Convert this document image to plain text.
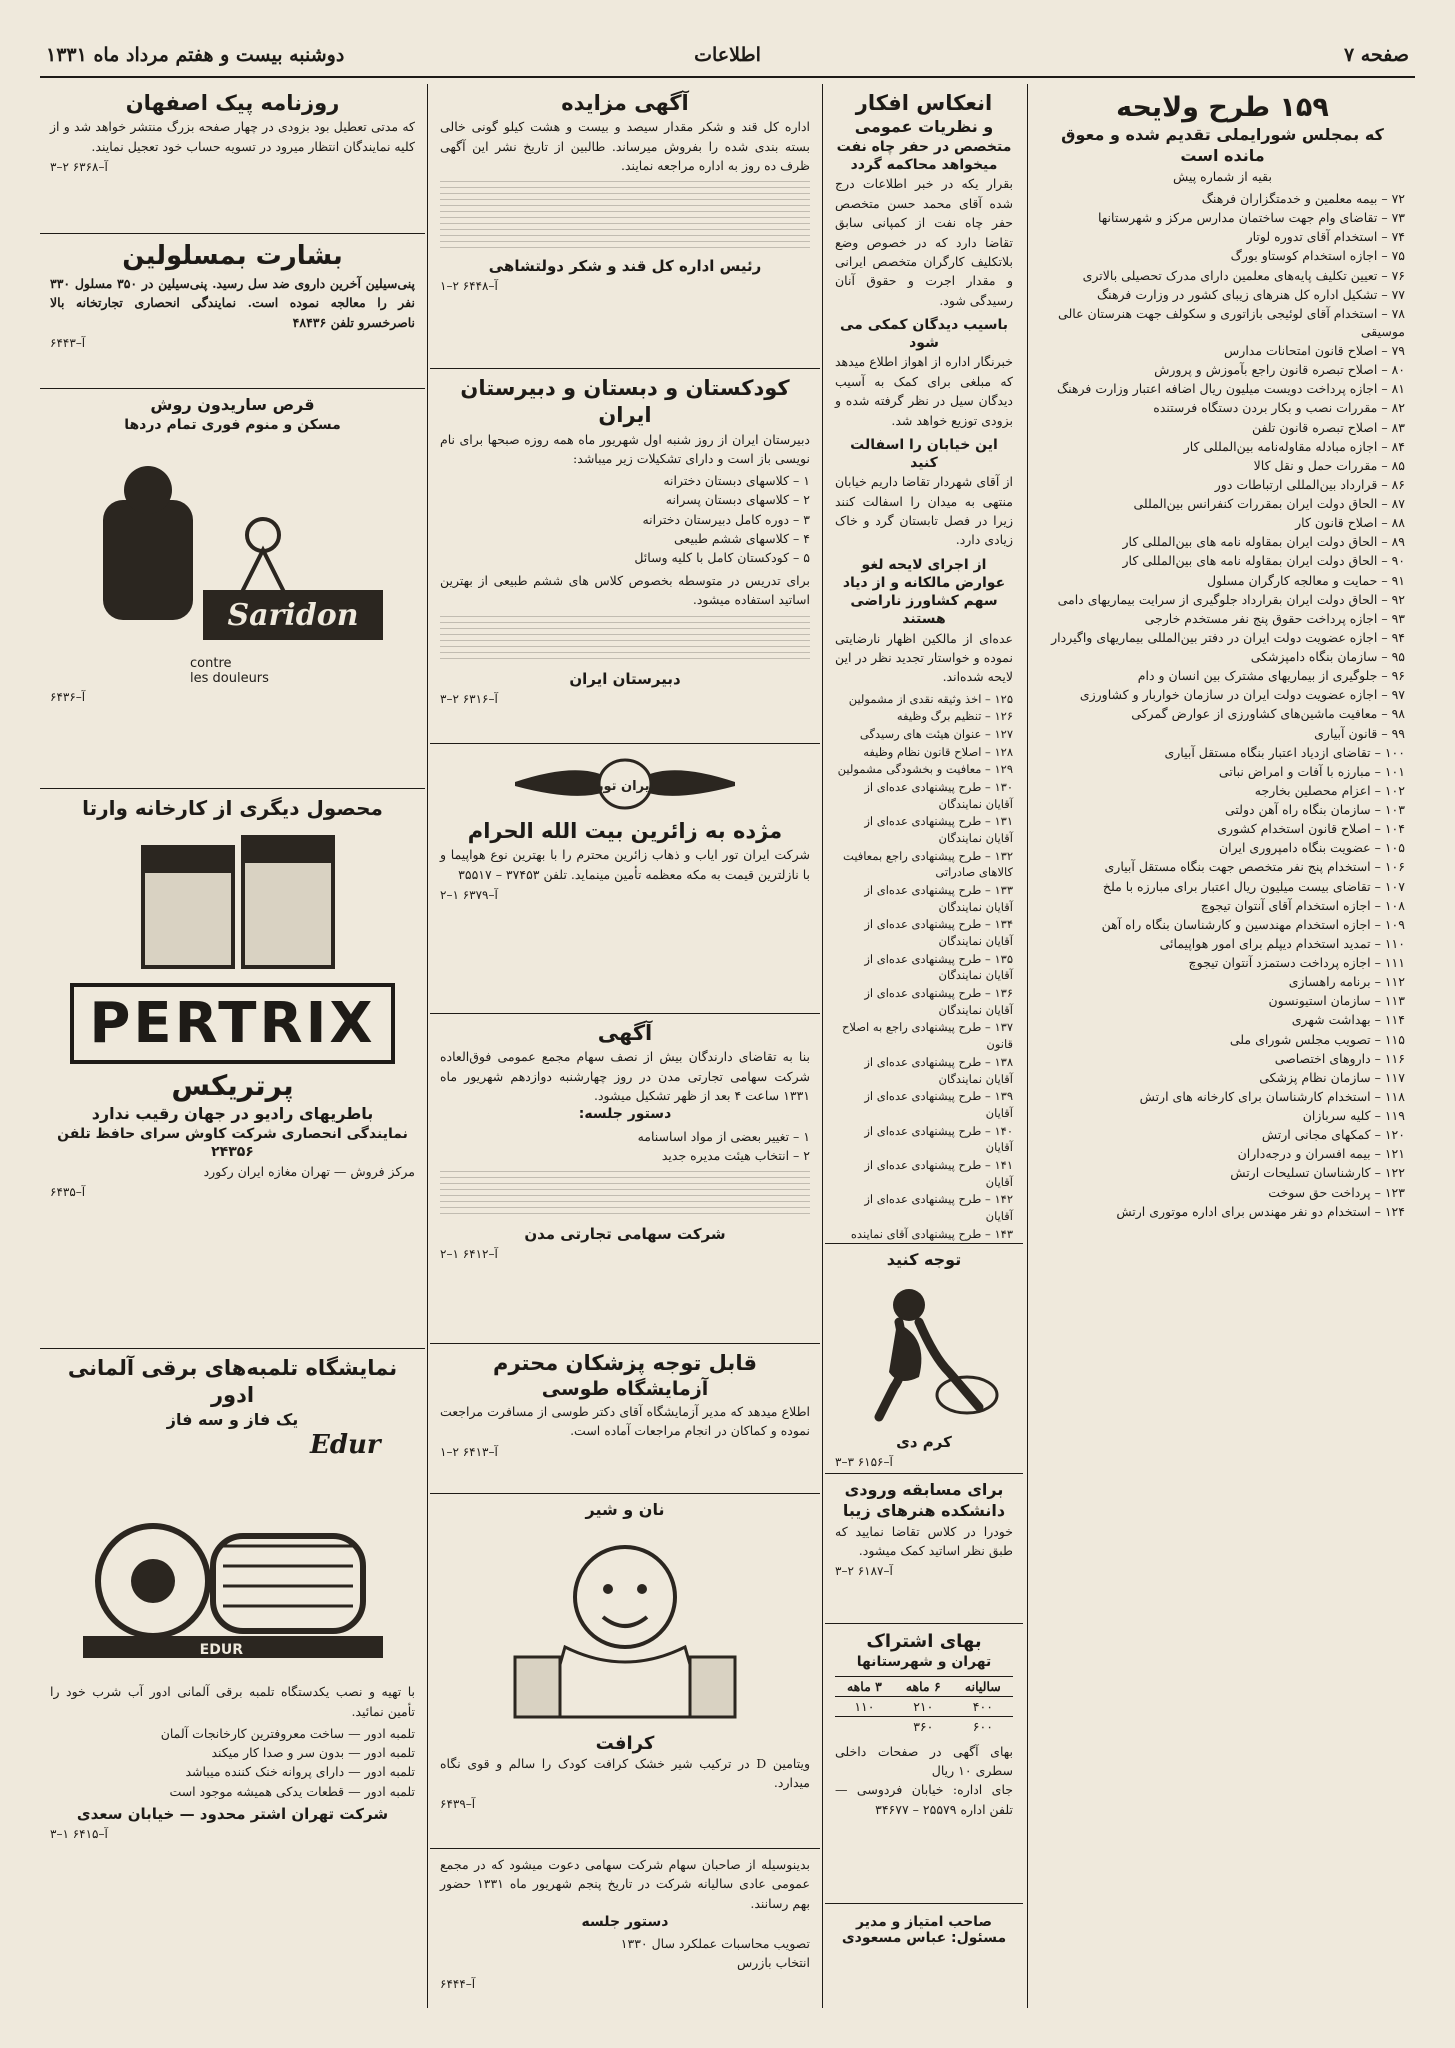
صفحه ۷
اطلاعات
دوشنبه بیست و هفتم مرداد ماه ۱۳۳۱
۱۵۹ طرح ولایحه
که بمجلس شورایملی تقدیم شده و معوق مانده است
بقیه از شماره پیش
۷۲ – بیمه معلمین و خدمتگزاران فرهنگ
۷۳ – تقاضای وام جهت ساختمان مدارس مرکز و شهرستانها
۷۴ – استخدام آقای تدوره لوتار
۷۵ – اجازه استخدام کوستاو بورگ
۷۶ – تعیین تکلیف پایه‌های معلمین دارای مدرک تحصیلی بالاتری
۷۷ – تشکیل اداره کل هنرهای زیبای کشور در وزارت فرهنگ
۷۸ – استخدام آقای لوئیجی بازاتوری و سکولف جهت هنرستان عالی موسیقی
۷۹ – اصلاح قانون امتحانات مدارس
۸۰ – اصلاح تبصره قانون راجع بآموزش و پرورش
۸۱ – اجازه پرداخت دویست میلیون ریال اضافه اعتبار وزارت فرهنگ
۸۲ – مقررات نصب و بکار بردن دستگاه فرستنده
۸۳ – اصلاح تبصره قانون تلفن
۸۴ – اجازه مبادله مقاوله‌نامه بین‌المللی کار
۸۵ – مقررات حمل و نقل کالا
۸۶ – قرارداد بین‌المللی ارتباطات دور
۸۷ – الحاق دولت ایران بمقررات کنفرانس بین‌المللی
۸۸ – اصلاح قانون کار
۸۹ – الحاق دولت ایران بمقاوله نامه های بین‌المللی کار
۹۰ – الحاق دولت ایران بمقاوله نامه های بین‌المللی کار
۹۱ – حمایت و معالجه کارگران مسلول
۹۲ – الحاق دولت ایران بقرارداد جلوگیری از سرایت بیماریهای دامی
۹۳ – اجازه پرداخت حقوق پنج نفر مستخدم خارجی
۹۴ – اجازه عضویت دولت ایران در دفتر بین‌المللی بیماریهای واگیردار
۹۵ – سازمان بنگاه دامپزشکی
۹۶ – جلوگیری از بیماریهای مشترک بین انسان و دام
۹۷ – اجازه عضویت دولت ایران در سازمان خواربار و کشاورزی
۹۸ – معافیت ماشین‌های کشاورزی از عوارض گمرکی
۹۹ – قانون آبیاری
۱۰۰ – تقاضای ازدیاد اعتبار بنگاه مستقل آبیاری
۱۰۱ – مبارزه با آفات و امراض نباتی
۱۰۲ – اعزام محصلین بخارجه
۱۰۳ – سازمان بنگاه راه آهن دولتی
۱۰۴ – اصلاح قانون استخدام کشوری
۱۰۵ – عضویت بنگاه دامپروری ایران
۱۰۶ – استخدام پنج نفر متخصص جهت بنگاه مستقل آبیاری
۱۰۷ – تقاضای بیست میلیون ریال اعتبار برای مبارزه با ملخ
۱۰۸ – اجازه استخدام آقای آنتوان تیجوچ
۱۰۹ – اجازه استخدام مهندسین و کارشناسان بنگاه راه آهن
۱۱۰ – تمدید استخدام دیپلم برای امور هواپیمائی
۱۱۱ – اجازه پرداخت دستمزد آنتوان تیجوچ
۱۱۲ – برنامه راهسازی
۱۱۳ – سازمان استیونسون
۱۱۴ – بهداشت شهری
۱۱۵ – تصویب مجلس شورای ملی
۱۱۶ – داروهای اختصاصی
۱۱۷ – سازمان نظام پزشکی
۱۱۸ – استخدام کارشناسان برای کارخانه های ارتش
۱۱۹ – کلیه سربازان
۱۲۰ – کمکهای مجانی ارتش
۱۲۱ – بیمه افسران و درجه‌داران
۱۲۲ – کارشناسان تسلیحات ارتش
۱۲۳ – پرداخت حق سوخت
۱۲۴ – استخدام دو نفر مهندس برای اداره موتوری ارتش
انعکاس افکار
و نظریات عمومی
متخصص در حفر چاه نفت میخواهد محاکمه گردد
بقرار یکه در خبر اطلاعات درج شده آقای محمد حسن متخصص حفر چاه نفت از کمپانی سابق تقاضا دارد که در خصوص وضع بلاتکلیف کارگران متخصص ایرانی و مقدار اجرت و حقوق آنان رسیدگی شود.
باسیب دیدگان کمکی می شود
خبرنگار اداره از اهواز اطلاع میدهد که مبلغی برای کمک به آسیب دیدگان سیل در نظر گرفته شده و بزودی توزیع خواهد شد.
این خیابان را اسفالت کنید
از آقای شهردار تقاضا داریم خیابان منتهی به میدان را اسفالت کنند زیرا در فصل تابستان گرد و خاک زیادی دارد.
از اجرای لایحه لغو عوارض مالکانه و از دیاد سهم کشاورز ناراضی هستند
عده‌ای از مالکین اظهار نارضایتی نموده و خواستار تجدید نظر در این لایحه شده‌اند.
۱۲۵ – اخذ وثیقه نقدی از مشمولین
۱۲۶ – تنظیم برگ وظیفه
۱۲۷ – عنوان هیئت های رسیدگی
۱۲۸ – اصلاح قانون نظام وظیفه
۱۲۹ – معافیت و بخشودگی مشمولین
۱۳۰ – طرح پیشنهادی عده‌ای از آقایان نمایندگان
۱۳۱ – طرح پیشنهادی عده‌ای از آقایان نمایندگان
۱۳۲ – طرح پیشنهادی راجع بمعافیت کالاهای صادراتی
۱۳۳ – طرح پیشنهادی عده‌ای از آقایان نمایندگان
۱۳۴ – طرح پیشنهادی عده‌ای از آقایان نمایندگان
۱۳۵ – طرح پیشنهادی عده‌ای از آقایان نمایندگان
۱۳۶ – طرح پیشنهادی عده‌ای از آقایان نمایندگان
۱۳۷ – طرح پیشنهادی راجع به اصلاح قانون
۱۳۸ – طرح پیشنهادی عده‌ای از آقایان نمایندگان
۱۳۹ – طرح پیشنهادی عده‌ای از آقایان
۱۴۰ – طرح پیشنهادی عده‌ای از آقایان
۱۴۱ – طرح پیشنهادی عده‌ای از آقایان
۱۴۲ – طرح پیشنهادی عده‌ای از آقایان
۱۴۳ – طرح پیشنهادی آقای نماینده
توجه کنید
کرم دی
۳–۳ آ–۶۱۵۶
برای مسابقه ورودی دانشکده هنرهای زیبا
خودرا در کلاس تقاضا نمایید که طبق نظر اساتید کمک میشود.
۳–۲ آ–۶۱۸۷
بهای اشتراک
تهران و شهرستانها
ساليانه	۶ ماهه	۳ ماهه
۴۰۰	۲۱۰	۱۱۰
۶۰۰	۳۶۰	
بهای آگهی در صفحات داخلی سطری ۱۰ ریال
جای اداره: خیابان فردوسی — تلفن اداره ۲۵۵۷۹ – ۳۴۶۷۷
صاحب امتیاز و مدیر مسئول: عباس مسعودی
آگهی مزایده
اداره کل قند و شکر مقدار سیصد و بیست و هشت کیلو گونی خالی بسته بندی شده را بفروش میرساند. طالبین از تاریخ نشر این آگهی ظرف ده روز به اداره مراجعه نمایند.
رئیس اداره کل قند و شکر دولتشاهی
۱–۲ آ–۶۴۴۸
کودکستان و دبستان و دبیرستان ایران
دبیرستان ایران از روز شنبه اول شهریور ماه همه روزه صبحها برای نام نویسی باز است و دارای تشکیلات زیر میباشد:
۱ – کلاسهای دبستان دخترانه
۲ – کلاسهای دبستان پسرانه
۳ – دوره کامل دبیرستان دخترانه
۴ – کلاسهای ششم طبیعی
۵ – کودکستان کامل با کلیه وسائل
برای تدریس در متوسطه بخصوص کلاس های ششم طبیعی از بهترین اساتید استفاده میشود.
دبیرستان ایران
۳–۲ آ–۶۳۱۶
ایران تور
مژده به زائرین بیت الله الحرام
شرکت ایران تور ایاب و ذهاب زائرین محترم را با بهترین نوع هواپیما و با نازلترین قیمت به مکه معظمه تأمین مینماید. تلفن ۳۷۴۵۳ – ۳۵۵۱۷
۲–۱ آ–۶۳۷۹
آگهی
بنا به تقاضای دارندگان بیش از نصف سهام مجمع عمومی فوق‌العاده شرکت سهامی تجارتی مدن در روز چهارشنبه دوازدهم شهریور ماه ۱۳۳۱ ساعت ۴ بعد از ظهر تشکیل میشود.
دستور جلسه:
۱ – تغییر بعضی از مواد اساسنامه
۲ – انتخاب هیئت مدیره جدید
شرکت سهامی تجارتی مدن
۲–۱ آ–۶۴۱۲
قابل توجه پزشکان محترم
آزمایشگاه طوسی
اطلاع میدهد که مدیر آزمایشگاه آقای دکتر طوسی از مسافرت مراجعت نموده و کماکان در انجام مراجعات آماده است.
۱–۲ آ–۶۴۱۳
نان و شیر
کرافت
ویتامین D در ترکیب شیر خشک کرافت کودک را سالم و قوی نگاه میدارد.
آ–۶۴۳۹
بدینوسیله از صاحبان سهام شرکت سهامی دعوت میشود که در مجمع عمومی عادی سالیانه شرکت در تاریخ پنجم شهریور ماه ۱۳۳۱ حضور بهم رسانند.
دستور جلسه
تصویب محاسبات عملکرد سال ۱۳۳۰
انتخاب بازرس
آ–۶۴۴۴
روزنامه پیک اصفهان
که مدتی تعطیل بود بزودی در چهار صفحه بزرگ منتشر خواهد شد و از کلیه نمایندگان انتظار میرود در تسویه حساب خود تعجیل نمایند.
۳–۲ آ–۶۳۶۸
بشارت بمسلولین
پنی‌سیلین آخرین داروی ضد سل رسید. پنی‌سیلین در ۳۵۰ مسلول ۳۳۰ نفر را معالجه نموده است. نمایندگی انحصاری تجارتخانه بالا ناصرخسرو تلفن ۴۸۴۳۶
آ–۶۴۴۳
قرص ساریدون روش
مسکن و منوم فوری تمام دردها
Saridon
contre
les douleurs
آ–۶۴۳۶
محصول دیگری از کارخانه وارتا
PERTRIX
پرتریکس
باطریهای رادیو در جهان رقیب ندارد
نمایندگی انحصاری شرکت کاوش سرای حافظ تلفن ۲۴۳۵۶
مرکز فروش — تهران مغازه ایران رکورد
آ–۶۴۳۵
نمایشگاه تلمبه‌های برقی آلمانی ادور
یک فاز و سه فاز
Edur
EDUR
با تهیه و نصب یکدستگاه تلمبه برقی آلمانی ادور آب شرب خود را تأمین نمائید.
تلمبه ادور — ساخت معروفترین کارخانجات آلمان
تلمبه ادور — بدون سر و صدا کار میکند
تلمبه ادور — دارای پروانه خنک کننده میباشد
تلمبه ادور — قطعات یدکی همیشه موجود است
شرکت تهران اشتر محدود — خیابان سعدی
۳–۱ آ–۶۴۱۵
